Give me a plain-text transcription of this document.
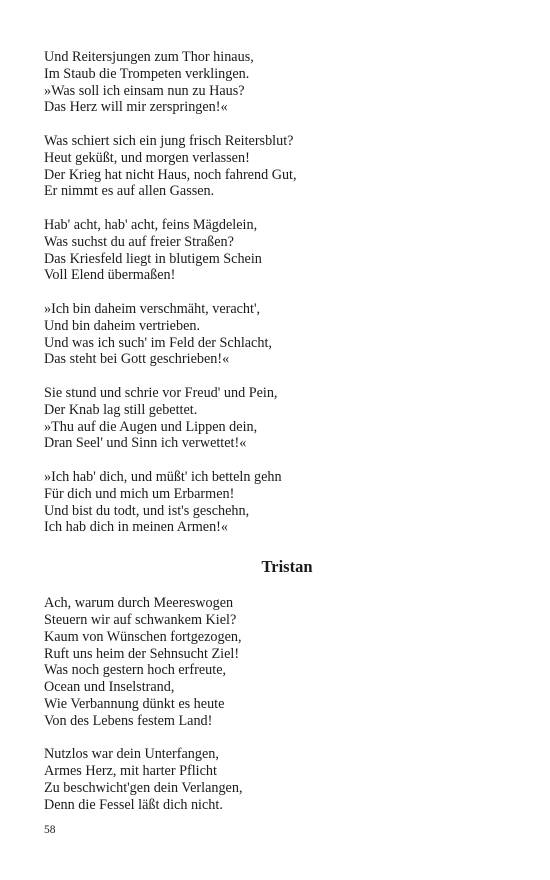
Und Reitersjungen zum Thor hinaus,
Im Staub die Trompeten verklingen.
»Was soll ich einsam nun zu Haus?
Das Herz will mir zerspringen!«
Was schiert sich ein jung frisch Reitersblut?
Heut geküßt, und morgen verlassen!
Der Krieg hat nicht Haus, noch fahrend Gut,
Er nimmt es auf allen Gassen.
Hab' acht, hab' acht, feins Mägdelein,
Was suchst du auf freier Straßen?
Das Kriesfeld liegt in blutigem Schein
Voll Elend übermaßen!
»Ich bin daheim verschmäht, veracht',
Und bin daheim vertrieben.
Und was ich such' im Feld der Schlacht,
Das steht bei Gott geschrieben!«
Sie stund und schrie vor Freud' und Pein,
Der Knab lag still gebettet.
»Thu auf die Augen und Lippen dein,
Dran Seel' und Sinn ich verwettet!«
»Ich hab' dich, und müßt' ich betteln gehn
Für dich und mich um Erbarmen!
Und bist du todt, und ist's geschehn,
Ich hab dich in meinen Armen!«
Tristan
Ach, warum durch Meereswogen
Steuern wir auf schwankem Kiel?
Kaum von Wünschen fortgezogen,
Ruft uns heim der Sehnsucht Ziel!
Was noch gestern hoch erfreute,
Ocean und Inselstrand,
Wie Verbannung dünkt es heute
Von des Lebens festem Land!
Nutzlos war dein Unterfangen,
Armes Herz, mit harter Pflicht
Zu beschwicht'gen dein Verlangen,
Denn die Fessel läßt dich nicht.
58
